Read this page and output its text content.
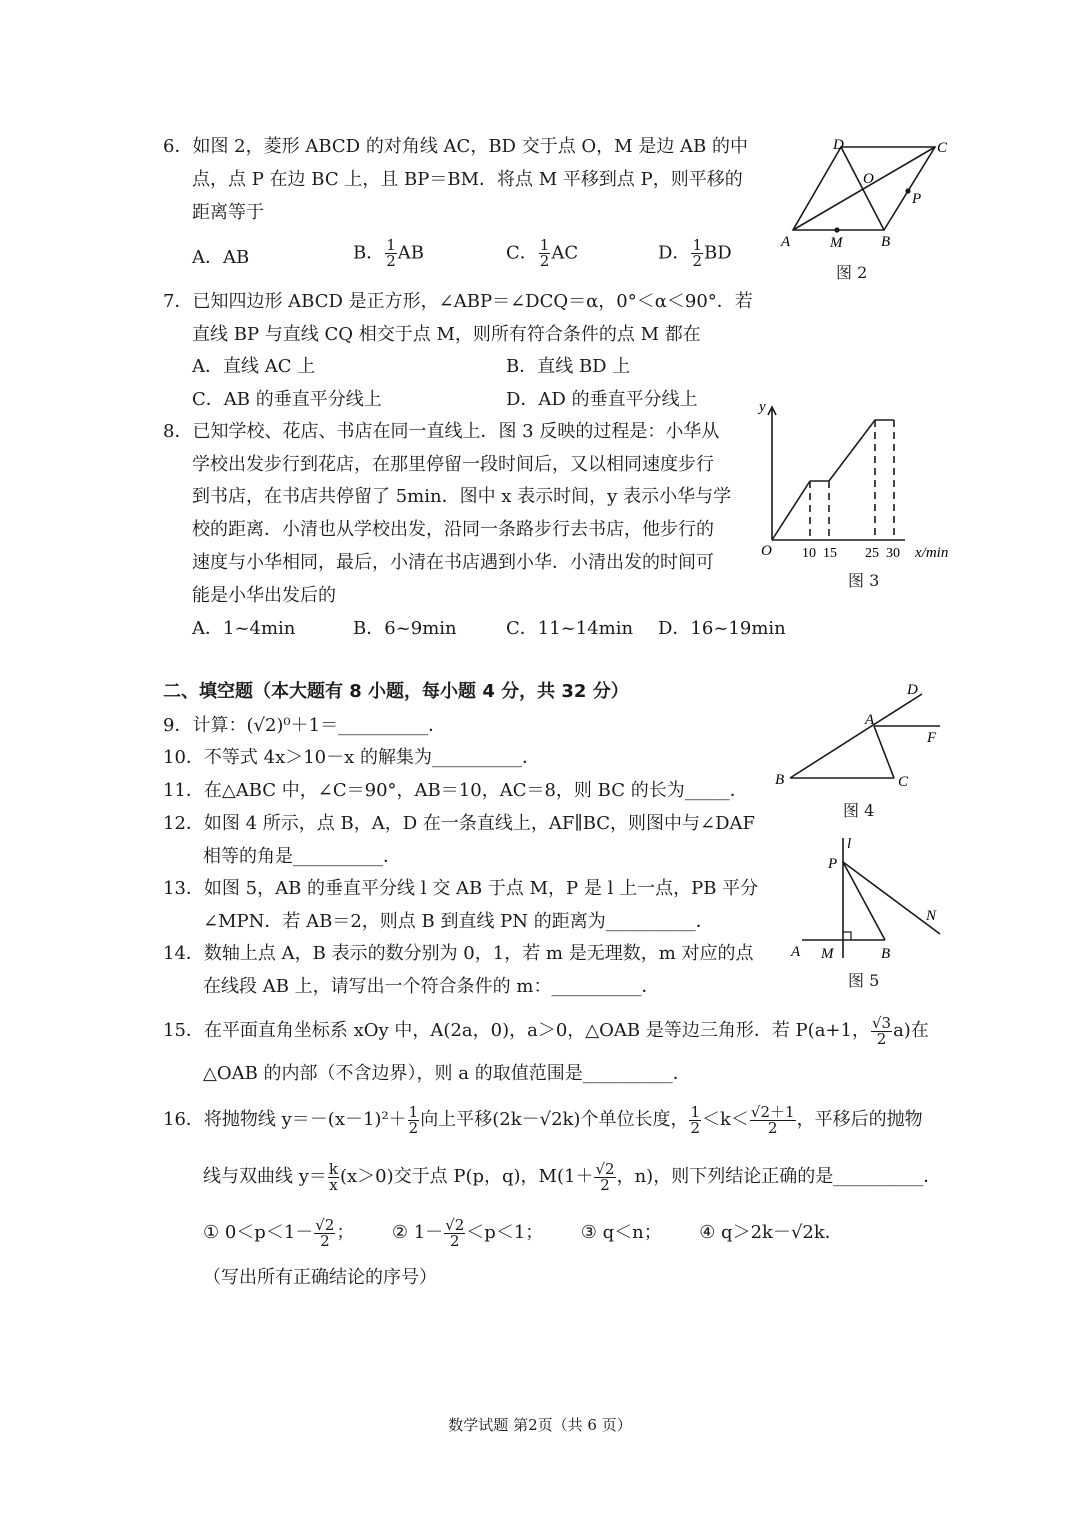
6．如图 2，菱形 ABCD 的对角线 AC，BD 交于点 O，M 是边 AB 的中
点，点 P 在边 BC 上，且 BP＝BM．将点 M 平移到点 P，则平移的
距离等于
A．AB	B． $\frac{1}{2}$ AB	C． $\frac{1}{2}$ AC	D． $\frac{1}{2}$ BD
A	M	B
C
D
O
P
图 2
7．已知四边形 ABCD 是正方形，∠ABP＝∠DCQ＝α，0°＜α＜90°．若
直线 BP 与直线 CQ 相交于点 M，则所有符合条件的点 M 都在
A．直线 AC 上	B．直线 BD 上
C．AB 的垂直平分线上	D．AD 的垂直平分线上
8．已知学校、花店、书店在同一直线上．图 3 反映的过程是：小华从
学校出发步行到花店，在那里停留一段时间后，又以相同速度步行
到书店，在书店共停留了 5min．图中 x 表示时间，y 表示小华与学
校的距离．小清也从学校出发，沿同一条路步行去书店，他步行的
速度与小华相同，最后，小清在书店遇到小华．小清出发的时间可
能是小华出发后的
A．1~4min	B．6~9min	C．11~14min D．16~19min
y
O 10 15 25 30 x/min
图 3
二、填空题（本大题有 8 小题，每小题 4 分，共 32 分）
9．计算：(√2)⁰＋1＝__________．
10．不等式 4x＞10－x 的解集为__________．
11．在△ABC 中，∠C＝90°，AB＝10，AC＝8，则 BC 的长为_____．
12．如图 4 所示，点 B，A，D 在一条直线上，AF∥BC，则图中与∠DAF
相等的角是__________．
13．如图 5，AB 的垂直平分线 l 交 AB 于点 M，P 是 l 上一点，PB 平分
∠MPN．若 AB＝2，则点 B 到直线 PN 的距离为__________．
14．数轴上点 A，B 表示的数分别为 0，1，若 m 是无理数，m 对应的点
在线段 AB 上，请写出一个符合条件的 m：__________．
B
A
D
F
C
图 4
A M	B
P
l
N
图 5
15．在平面直角坐标系 xOy 中，A(2a，0)，a＞0，△OAB 是等边三角形．若 P(a+1， $\frac{√3}{2} a$)在
△OAB 的内部（不含边界），则 a 的取值范围是__________．
16．将抛物线 $y=-(x-1)^2+ \frac{1}{2}$ 向上平移(2k－√2k)个单位长度， $\frac{1}{2} <k< \frac{√2+1}{2}$ ，平移后的抛物
线与双曲线 $y= \frac{k}{x} (x>0)$交于点 P(p，q)，$M(1+ \frac{√2}{2}$ ，n)，则下列结论正确的是__________．
① $0<p<1- \frac{√2}{2}$ ； ② $1- \frac{√2}{2} <p<1$； ③ q＜n； ④ q＞2k－√2k．
（写出所有正确结论的序号）
数学试题 第2页（共 6 页）
